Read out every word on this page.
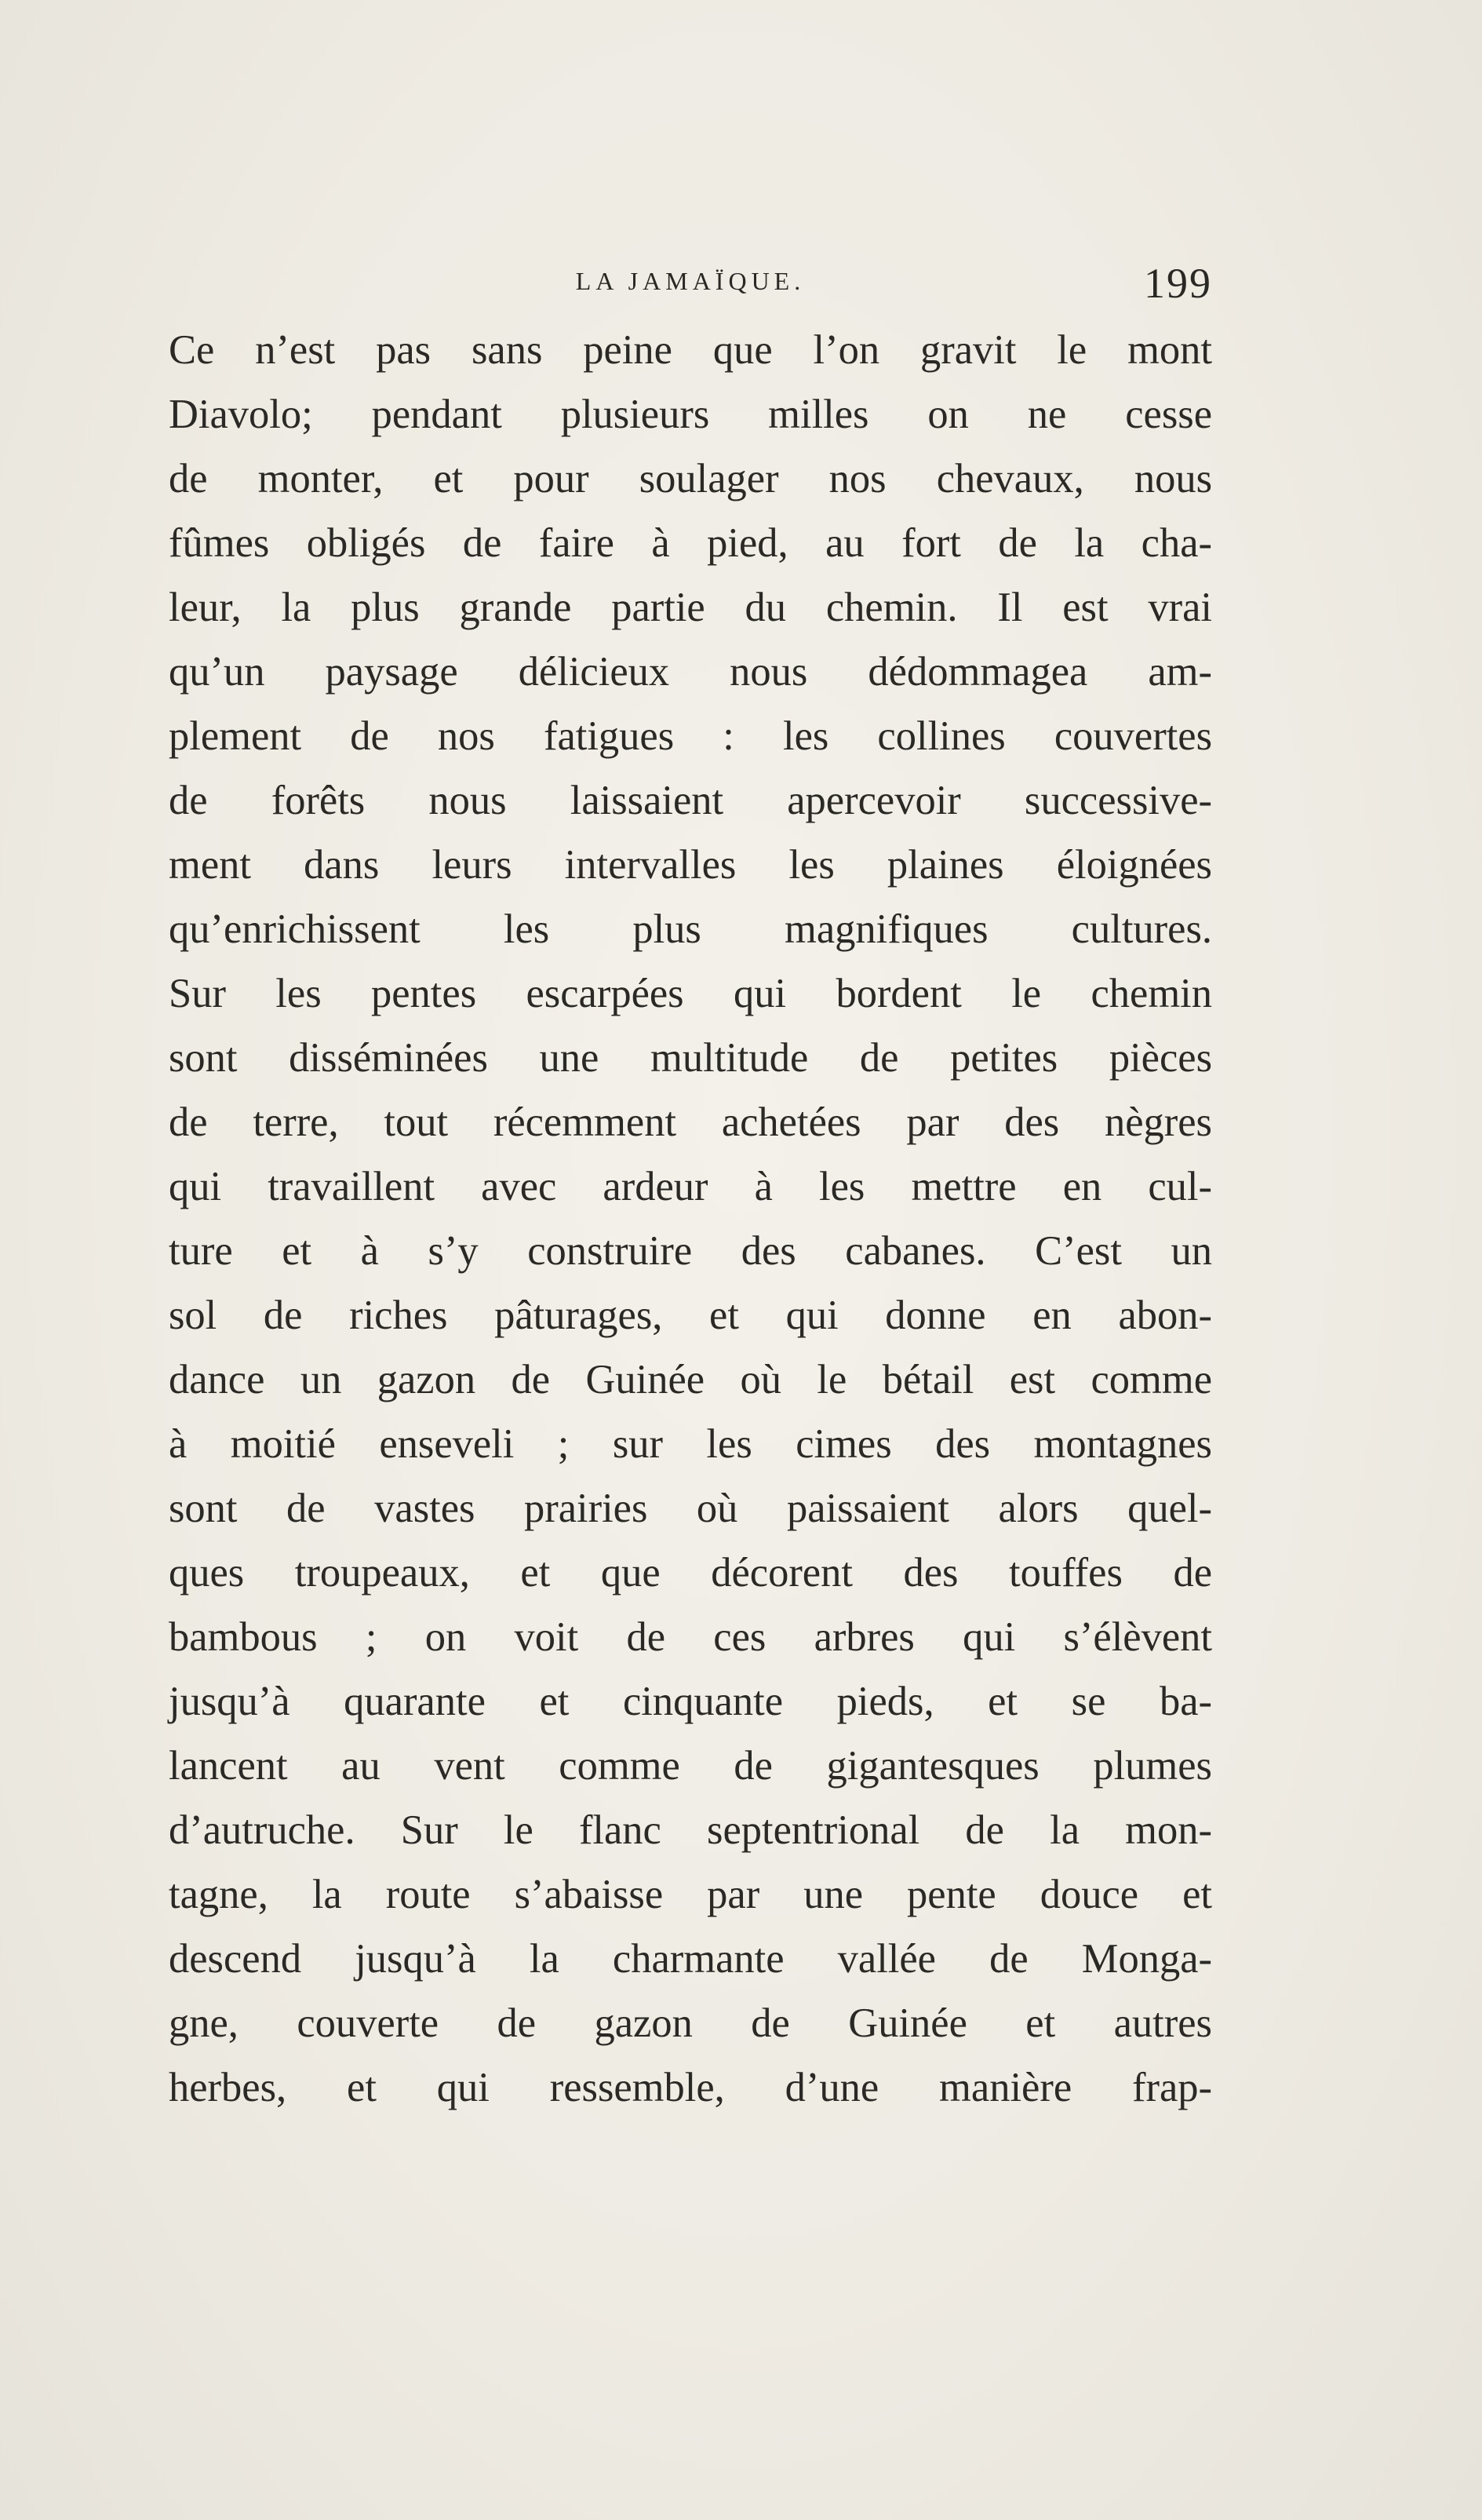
LA JAMAÏQUE.	199
Ce n’est pas sans peine que l’on gravit le mont
Diavolo; pendant plusieurs milles on ne cesse
de monter, et pour soulager nos chevaux, nous
fûmes obligés de faire à pied, au fort de la cha-
leur, la plus grande partie du chemin. Il est vrai
qu’un paysage délicieux nous dédommagea am-
plement de nos fatigues : les collines couvertes
de forêts nous laissaient apercevoir successive-
ment dans leurs intervalles les plaines éloignées
qu’enrichissent les plus magnifiques cultures.
Sur les pentes escarpées qui bordent le chemin
sont disséminées une multitude de petites pièces
de terre, tout récemment achetées par des nègres
qui travaillent avec ardeur à les mettre en cul-
ture et à s’y construire des cabanes. C’est un
sol de riches pâturages, et qui donne en abon-
dance un gazon de Guinée où le bétail est comme
à moitié enseveli ; sur les cimes des montagnes
sont de vastes prairies où paissaient alors quel-
ques troupeaux, et que décorent des touffes de
bambous ; on voit de ces arbres qui s’élèvent
jusqu’à quarante et cinquante pieds, et se ba-
lancent au vent comme de gigantesques plumes
d’autruche. Sur le flanc septentrional de la mon-
tagne, la route s’abaisse par une pente douce et
descend jusqu’à la charmante vallée de Monga-
gne, couverte de gazon de Guinée et autres
herbes, et qui ressemble, d’une manière frap-
